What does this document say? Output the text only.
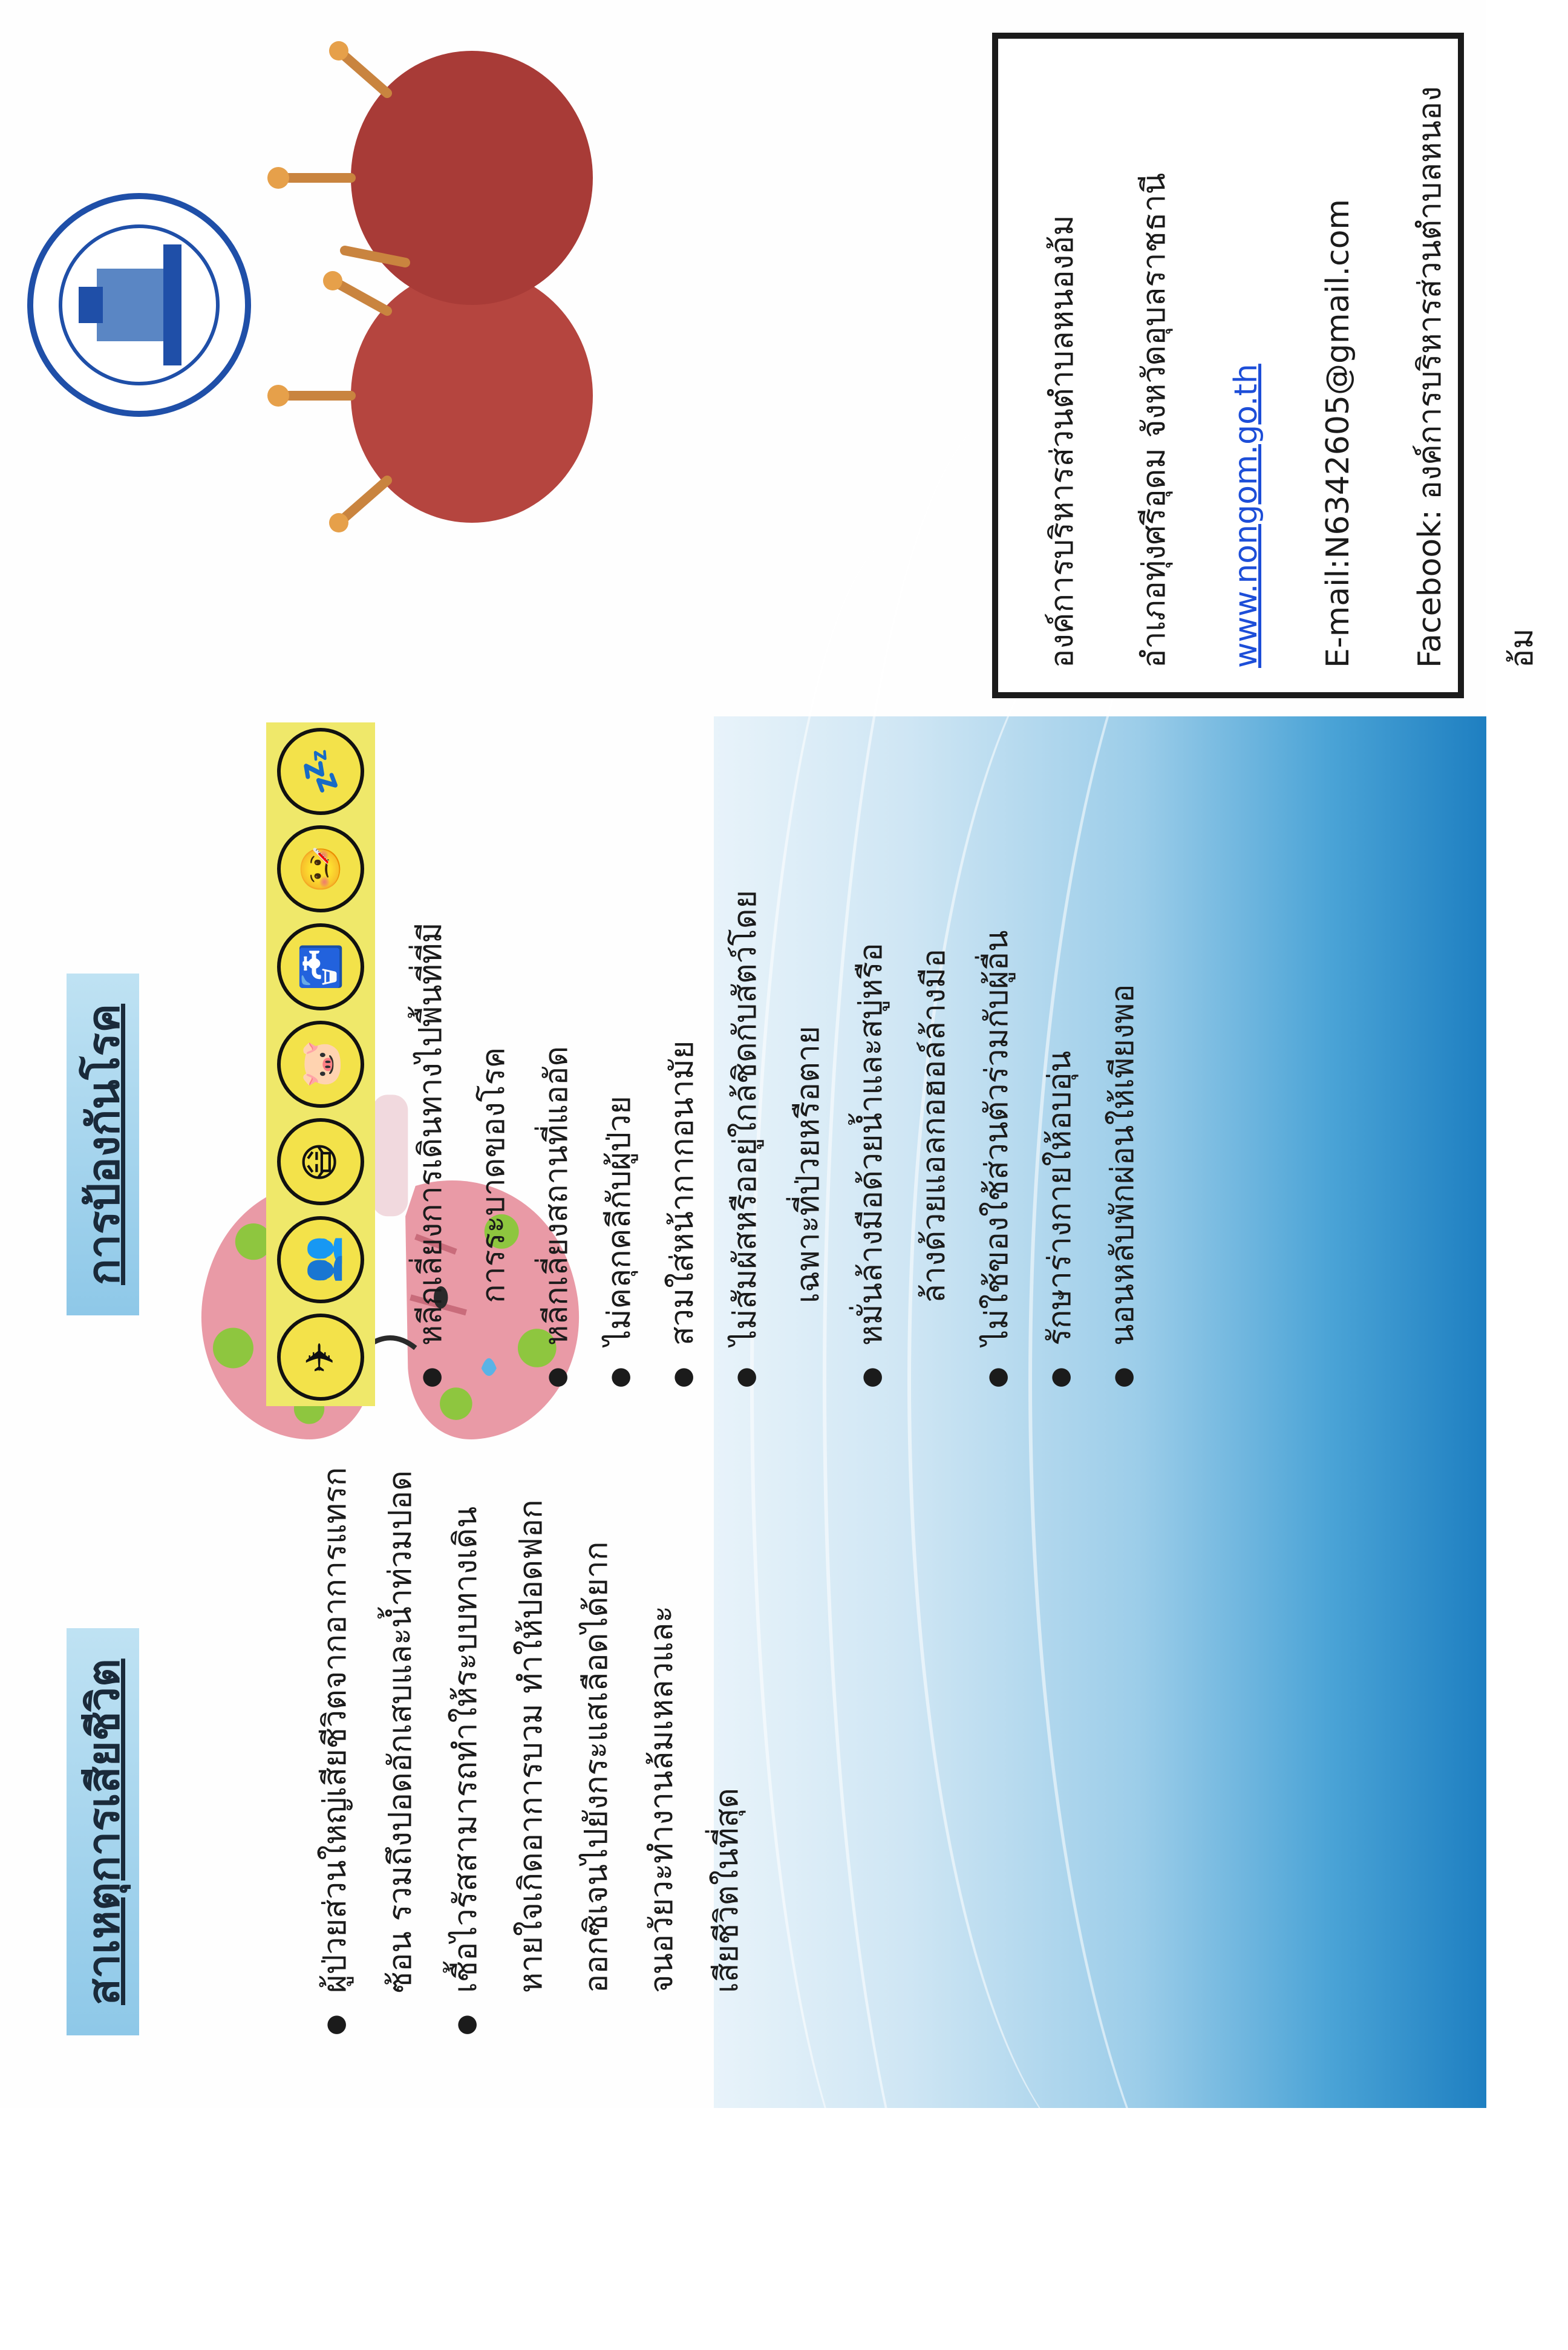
สาเหตุการเสียชีวิต	● ผู้ป่วยส่วนใหญ่เสียชีวิตจากอาการแทรก ซ้อน รวมถึงปอดอักเสบและน้ำท่วมปอด ● เชื้อไวรัสสามารถทำให้ระบบทางเดิน หายใจเกิดอาการบวม ทำให้ปอดฟอก ออกซิเจนไปยังกระแสเลือดได้ยาก จนอวัยวะทำงานล้มเหลวและ เสียชีวิตในที่สุด
การป้องกันโรค
✈
👥
😷
🐷
🚰
🤒
💤
● หลีกเลี่ยงการเดินทางไปพื้นที่ที่มี การระบาดของโรค ● หลีกเลี่ยงสถานที่แออัด ● ไม่คลุกคลีกับผู้ป่วย ● สวมใส่หน้ากากอนามัย ● ไม่สัมผัสหรืออยู่ใกล้ชิดกับสัตว์โดย เฉพาะที่ป่วยหรือตาย ● หมั่นล้างมือด้วยน้ำและสบู่หรือ ล้างด้วยแอลกอฮอล์ล้างมือ ● ไม่ใช้ของใช้ส่วนตัวร่วมกับผู้อื่น ● รักษาร่างกายให้อบอุ่น ● นอนหลับพักผ่อนให้เพียงพอ
องค์การบริหารส่วนตำบลหนองอ้ม	อำเภอทุ่งศรีอุดม จังหวัดอุบลราชธานี	www.nongom.go.th	E-mail:N6342605@gmail.com	Facebook: องค์การบริหารส่วนตำบลหนองอ้ม
